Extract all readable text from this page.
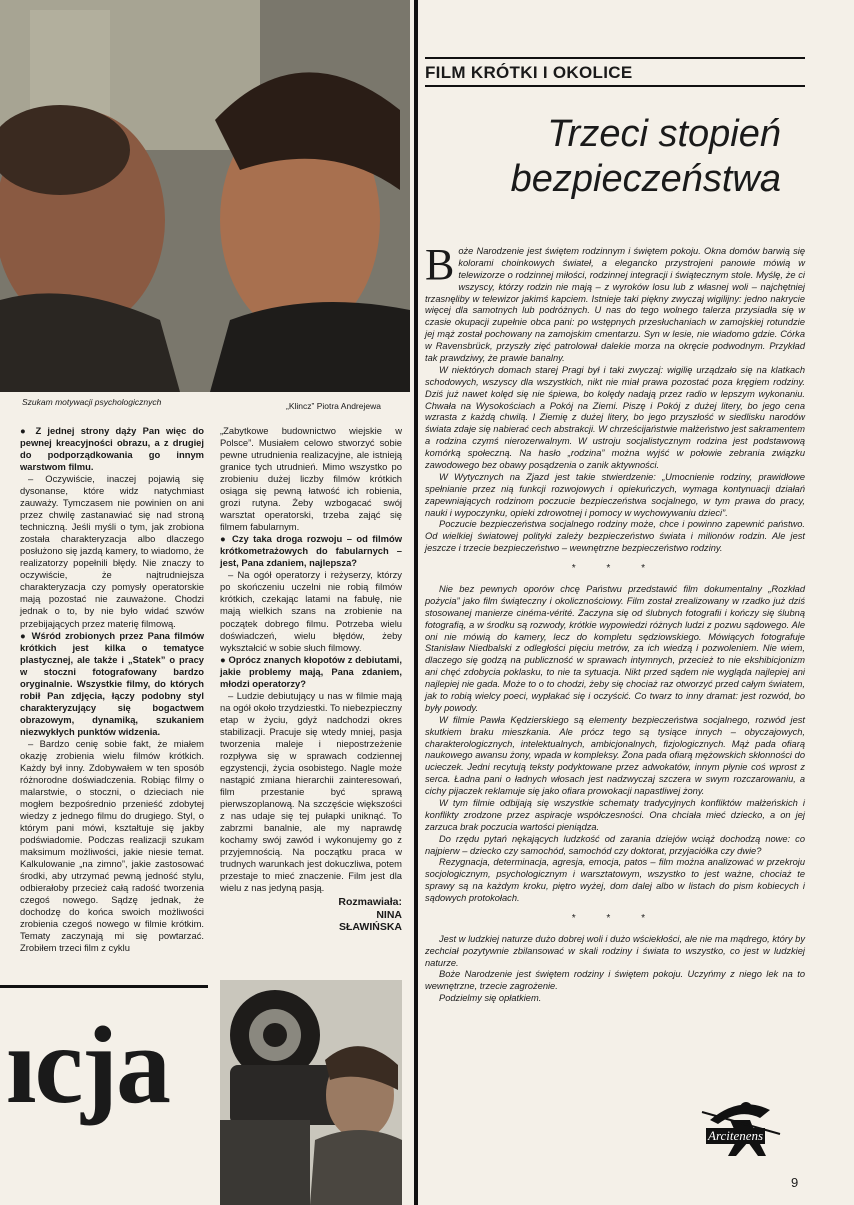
Szukam motywacji psychologicznych	„Klincz” Piotra Andrejewa

● Z jednej strony dąży Pan więc do pewnej kreacyjności obrazu, a z drugiej do podporządkowania go innym warstwom filmu.

– Oczywiście, inaczej pojawią się dysonanse, które widz natychmiast zauważy. Tymczasem nie powinien on ani przez chwilę zastanawiać się nad stroną techniczną. Jeśli myśli o tym, jak zrobiona została charakteryzacja albo dlaczego posłużono się jazdą kamery, to wiadomo, że realizatorzy popełnili błędy. Nie znaczy to oczywiście, że najtrudniejsza charakteryzacja czy pomysły operatorskie mają pozostać nie zauważone. Chodzi jednak o to, by nie było widać szwów przebijających przez materię filmową.

● Wśród zrobionych przez Pana filmów krótkich jest kilka o tematyce plastycznej, ale także i „Statek” o pracy w stoczni fotografowany bardzo oryginalnie. Wszystkie filmy, do których robił Pan zdjęcia, łączy podobny styl charakteryzujący się bogactwem obrazowym, dynamiką, szukaniem niezwykłych punktów widzenia.

– Bardzo cenię sobie fakt, że miałem okazję zrobienia wielu filmów krótkich. Każdy był inny. Zdobywałem w ten sposób różnorodne doświadczenia. Robiąc filmy o malarstwie, o stoczni, o dzieciach nie mogłem bezpośrednio przenieść zdobytej wiedzy z jednego filmu do drugiego. Styl, o którym pani mówi, kształtuje się jakby podświadomie. Podczas realizacji szukam maksimum możliwości, jakie niesie temat. Kalkulowanie „na zimno”, jakie zastosować środki, aby utrzymać pewną jedność stylu, odbierałoby przecież całą radość tworzenia czegoś nowego. Sądzę jednak, że dochodzę do końca swoich możliwości zrobienia czegoś nowego w filmie krótkim. Tematy zaczynają mi się powtarzać. Zrobiłem trzeci film z cyklu

„Zabytkowe budownictwo wiejskie w Polsce”. Musiałem celowo stworzyć sobie pewne utrudnienia realizacyjne, ale istnieją granice tych utrudnień. Mimo wszystko po zrobieniu dużej liczby filmów krótkich osiąga się pewną łatwość ich robienia, grozi rutyna. Żeby wzbogacać swój warsztat operatorski, trzeba zająć się filmem fabularnym.

● Czy taka droga rozwoju – od filmów krótkometrażowych do fabularnych – jest, Pana zdaniem, najlepsza?

– Na ogół operatorzy i reżyserzy, którzy po skończeniu uczelni nie robią filmów krótkich, czekając latami na fabułę, nie mają wielkich szans na zrobienie na początek dobrego filmu. Potrzeba wielu doświadczeń, wielu błędów, żeby wykształcić w sobie słuch filmowy.

● Oprócz znanych kłopotów z debiutami, jakie problemy mają, Pana zdaniem, młodzi operatorzy?

– Ludzie debiutujący u nas w filmie mają na ogół około trzydziestki. To niebezpieczny etap w życiu, gdyż nadchodzi okres stabilizacji. Pracuje się wtedy mniej, pasja tworzenia maleje i niepostrzeżenie rozpływa się w sprawach codziennej egzystencji, życia osobistego. Nagle może nastąpić zmiana hierarchii zainteresowań, film przestanie być sprawą pierwszoplanową. Na szczęście większości z nas udaje się tej pułapki uniknąć. To zabrzmi banalnie, ale my naprawdę kochamy swój zawód i wykonujemy go z przyjemnością. Na początku praca w trudnych warunkach jest dokuczliwa, potem przestaje to mieć znaczenie. Film jest dla wielu z nas jedyną pasją.

Rozmawiała:
NINA
SŁAWIŃSKA
ıcja
FILM KRÓTKI I OKOLICE
Trzeci stopień
bezpieczeństwa

Boże Narodzenie jest świętem rodzinnym i świętem pokoju. Okna domów barwią się kolorami choinkowych świateł, a elegancko przystrojeni panowie mówią w telewizorze o rodzinnej miłości, rodzinnej integracji i świątecznym stole. Myślę, że ci wszyscy, którzy rodzin nie mają – z wyroków losu lub z własnej woli – najchętniej trzasnęliby w telewizor jakimś kapciem. Istnieje taki piękny zwyczaj wigilijny: jedno nakrycie więcej dla samotnych lub podróżnych. U nas do tego wolnego talerza przysiadła się w czasie okupacji zupełnie obca pani: po wstępnych przesłuchaniach w zamojskiej rotundzie jej mąż został pochowany na zamojskim cmentarzu. Syn w lesie, nie wiadomo gdzie. Córka w Ravensbrück, przyszły zięć patrolował dalekie morza na okręcie podwodnym. Przykład tak prawdziwy, że prawie banalny.

W niektórych domach starej Pragi był i taki zwyczaj: wigilię urządzało się na klatkach schodowych, wszyscy dla wszystkich, nikt nie miał prawa pozostać poza kręgiem rodziny. Dziś już nawet kolęd się nie śpiewa, bo kolędy nadają przez radio w lepszym wykonaniu. Chwała na Wysokościach a Pokój na Ziemi. Piszę i Pokój z dużej litery, bo jego cena wzrasta z każdą chwilą. I Ziemię z dużej litery, bo jego przyszłość w siedlisku narodów świata zdaje się nabierać cech abstrakcji. W chrześcijaństwie małżeństwo jest sakramentem a rodzina czymś nierozerwalnym. W ustroju socjalistycznym rodzina jest podstawową komórką społeczną. Na hasło „rodzina” można wyjść w połowie zebrania związku zawodowego bez obawy posądzenia o zanik aktywności.

W Wytycznych na Zjazd jest takie stwierdzenie: „Umocnienie rodziny, prawidłowe spełnianie przez nią funkcji rozwojowych i opiekuńczych, wymaga kontynuacji działań zapewniających rodzinom poczucie bezpieczeństwa socjalnego, w tym prawa do pracy, nauki i wypoczynku, opieki zdrowotnej i pomocy w wychowywaniu dzieci”.

Poczucie bezpieczeństwa socjalnego rodziny może, chce i powinno zapewnić państwo. Od wielkiej światowej polityki zależy bezpieczeństwo świata i milionów rodzin. Ale jest jeszcze i trzecie bezpieczeństwo – wewnętrzne bezpieczeństwo rodziny.

* * *

Nie bez pewnych oporów chcę Państwu przedstawić film dokumentalny „Rozkład pożycia” jako film świąteczny i okolicznościowy. Film został zrealizowany w rzadko już dziś stosowanej manierze cinéma-vérité. Zaczyna się od ślubnych fotografii i kończy się ślubną fotografią, a w środku są rozwody, krótkie wypowiedzi różnych ludzi z pozwu sądowego. Ale oni nie mówią do kamery, lecz do kompletu sędziowskiego. Mówiących fotografuje Stanisław Niedbalski z odległości pięciu metrów, za ich wiedzą i pozwoleniem. Nie wiem, dlaczego się godzą na publiczność w sprawach intymnych, przecież to nie ekshibicjonizm ani chęć zdobycia poklasku, to nie ta sytuacja. Nikt przed sądem nie wygląda najlepiej ani najlepiej nie gada. Może to o to chodzi, żeby się chociaż raz otworzyć przed całym światem, jak to robią wielcy poeci, wypłakać się i oczyścić. Co twarz to inny dramat: jest rozwód, bo były powody.

W filmie Pawła Kędzierskiego są elementy bezpieczeństwa socjalnego, rozwód jest skutkiem braku mieszkania. Ale prócz tego są tysiące innych – obyczajowych, charakterologicznych, intelektualnych, ambicjonalnych, fizjologicznych. Mąż pada ofiarą naukowego awansu żony, wpada w kompleksy. Żona pada ofiarą mężowskich skłonności do ucieczek. Jedni recytują teksty podyktowane przez adwokatów, innym płynie coś wprost z serca. Ładna pani o ładnych włosach jest nadzwyczaj szczera w swym rozczarowaniu, a cichy pijaczek reklamuje się jako ofiara prowokacji napastliwej żony.

W tym filmie odbijają się wszystkie schematy tradycyjnych konfliktów małżeńskich i konflikty zrodzone przez aspiracje współczesności. Ona chciała mieć dziecko, a on jej zarzuca brak poczucia wartości pieniądza.

Do rzędu pytań nękających ludzkość od zarania dziejów wciąż dochodzą nowe: co najpierw – dziecko czy samochód, samochód czy doktorat, przyjaciółka czy dwie?

Rezygnacja, determinacja, agresja, emocja, patos – film można analizować w przekroju socjologicznym, psychologicznym i warsztatowym, wszystko to jest ważne, chociaż te sprawy są na każdym kroku, piętro wyżej, dom dalej albo w listach do pism kobiecych i sądowych protokołach.

* * *

Jest w ludzkiej naturze dużo dobrej woli i dużo wściekłości, ale nie ma mądrego, który by zechciał pozytywnie zbilansować w skali rodziny i świata to wszystko, co jest w ludzkiej naturze.

Boże Narodzenie jest świętem rodziny i świętem pokoju. Uczyńmy z niego lek na to wewnętrzne, trzecie zagrożenie.

Podzielmy się opłatkiem.

Arcitenens
9
